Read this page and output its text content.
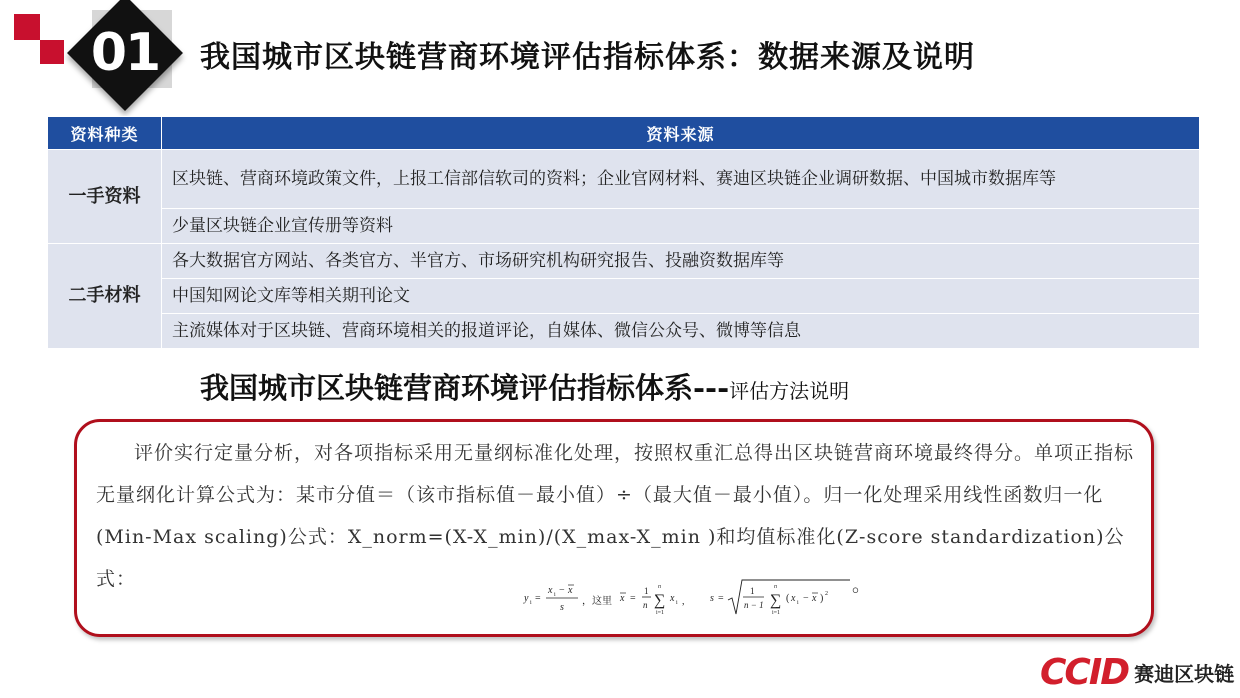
01 我国城市区块链营商环境评估指标体系：数据来源及说明
资料种类	资料来源
一手资料	区块链、营商环境政策文件，上报工信部信软司的资料；企业官网材料、赛迪区块链企业调研数据、中国城市数据库等
	少量区块链企业宣传册等资料
二手材料	各大数据官方网站、各类官方、半官方、市场研究机构研究报告、投融资数据库等
	中国知网论文库等相关期刊论文
	主流媒体对于区块链、营商环境相关的报道评论，自媒体、微信公众号、微博等信息
我国城市区块链营商环境评估指标体系---评估方法说明

评价实行定量分析，对各项指标采用无量纲标准化处理，按照权重汇总得出区块链营商环境最终得分。单项正指标无量纲化计算公式为：某市分值＝（该市指标值－最小值）÷（最大值－最小值）。归一化处理采用线性函数归一化(Min-Max scaling)公式：X_norm=(X-X_min)/(X_max-X_min )和均值标准化(Z-score standardization)公式：

y i =
x i − x
s
，这里 x =
1
n ∑
n
i=1
x i ,	s =
1
n − 1 ∑
n
i=1
( x i − x ) 2 。
CCID 赛迪区块链
